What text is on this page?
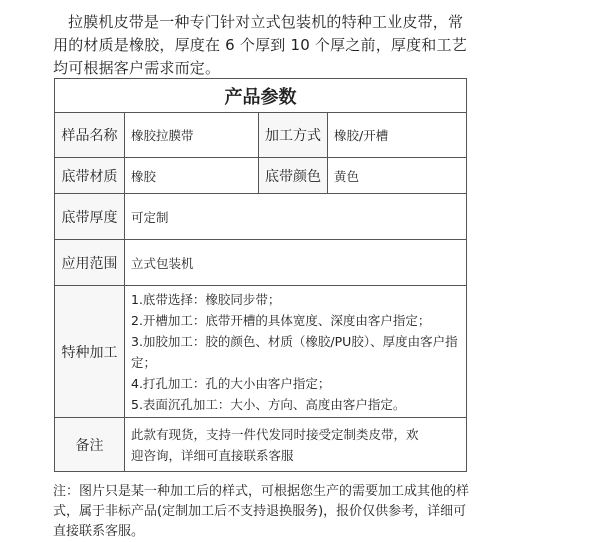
拉膜机皮带是一种专门针对立式包装机的特种工业皮带，常用的材质是橡胶，厚度在 6 个厚到 10 个厚之前，厚度和工艺均可根据客户需求而定。
产品参数			
样品名称	橡胶拉膜带	加工方式	橡胶/开槽
底带材质	橡胶	底带颜色	黄色
底带厚度	可定制		
应用范围	立式包装机		
特种加工	1.底带选择：橡胶同步带；
2.开槽加工：底带开槽的具体宽度、深度由客户指定；
3.加胶加工：胶的颜色、材质（橡胶/PU胶）、厚度由客户指定；
4.打孔加工：孔的大小由客户指定；
5.表面沉孔加工：大小、方向、高度由客户指定。		

备注	此款有现货，支持一件代发同时接受定制类皮带，欢迎咨询，详细可直接联系客服		
注：图片只是某一种加工后的样式，可根据您生产的需要加工成其他的样式，属于非标产品(定制加工后不支持退换服务)，报价仅供参考，详细可直接联系客服。
